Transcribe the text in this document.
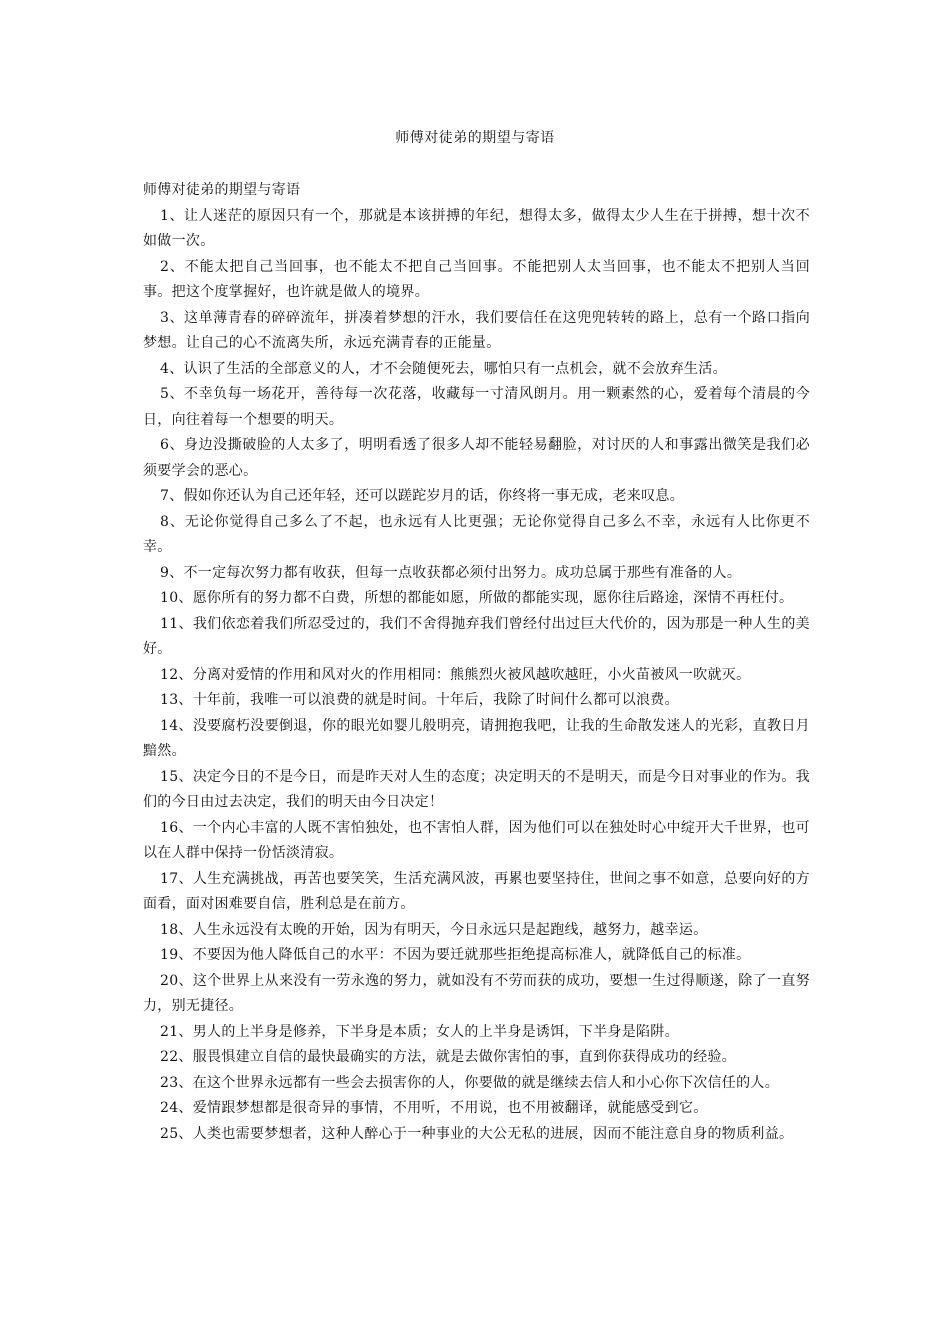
师傅对徒弟的期望与寄语

师傅对徒弟的期望与寄语

1、让人迷茫的原因只有一个，那就是本该拼搏的年纪，想得太多，做得太少人生在于拼搏，想十次不如做一次。

2、不能太把自己当回事，也不能太不把自己当回事。不能把别人太当回事，也不能太不把别人当回事。把这个度掌握好，也许就是做人的境界。

3、这单薄青春的碎碎流年，拼凑着梦想的汗水，我们要信任在这兜兜转转的路上，总有一个路口指向梦想。让自己的心不流离失所，永远充满青春的正能量。

4、认识了生活的全部意义的人，才不会随便死去，哪怕只有一点机会，就不会放弃生活。

5、不幸负每一场花开，善待每一次花落，收藏每一寸清风朗月。用一颗素然的心，爱着每个清晨的今日，向往着每一个想要的明天。

6、身边没撕破脸的人太多了，明明看透了很多人却不能轻易翻脸，对讨厌的人和事露出微笑是我们必须要学会的恶心。

7、假如你还认为自己还年轻，还可以蹉跎岁月的话，你终将一事无成，老来叹息。

8、无论你觉得自己多么了不起，也永远有人比更强；无论你觉得自己多么不幸，永远有人比你更不幸。

9、不一定每次努力都有收获，但每一点收获都必须付出努力。成功总属于那些有准备的人。

10、愿你所有的努力都不白费，所想的都能如愿，所做的都能实现，愿你往后路途，深情不再枉付。

11、我们依恋着我们所忍受过的，我们不舍得抛弃我们曾经付出过巨大代价的，因为那是一种人生的美好。

12、分离对爱情的作用和风对火的作用相同：熊熊烈火被风越吹越旺，小火苗被风一吹就灭。

13、十年前，我唯一可以浪费的就是时间。十年后，我除了时间什么都可以浪费。

14、没要腐朽没要倒退，你的眼光如婴儿般明亮，请拥抱我吧，让我的生命散发迷人的光彩，直教日月黯然。

15、决定今日的不是今日，而是昨天对人生的态度；决定明天的不是明天，而是今日对事业的作为。我们的今日由过去决定，我们的明天由今日决定！

16、一个内心丰富的人既不害怕独处，也不害怕人群，因为他们可以在独处时心中绽开大千世界，也可以在人群中保持一份恬淡清寂。

17、人生充满挑战，再苦也要笑笑，生活充满风波，再累也要坚持住，世间之事不如意，总要向好的方面看，面对困难要自信，胜利总是在前方。

18、人生永远没有太晚的开始，因为有明天，今日永远只是起跑线，越努力，越幸运。

19、不要因为他人降低自己的水平：不因为要迁就那些拒绝提高标准人，就降低自己的标准。

20、这个世界上从来没有一劳永逸的努力，就如没有不劳而获的成功，要想一生过得顺遂，除了一直努力，别无捷径。

21、男人的上半身是修养，下半身是本质；女人的上半身是诱饵，下半身是陷阱。

22、服畏惧建立自信的最快最确实的方法，就是去做你害怕的事，直到你获得成功的经验。

23、在这个世界永远都有一些会去损害你的人，你要做的就是继续去信人和小心你下次信任的人。

24、爱情跟梦想都是很奇异的事情，不用听，不用说，也不用被翻译，就能感受到它。

25、人类也需要梦想者，这种人醉心于一种事业的大公无私的进展，因而不能注意自身的物质利益。
